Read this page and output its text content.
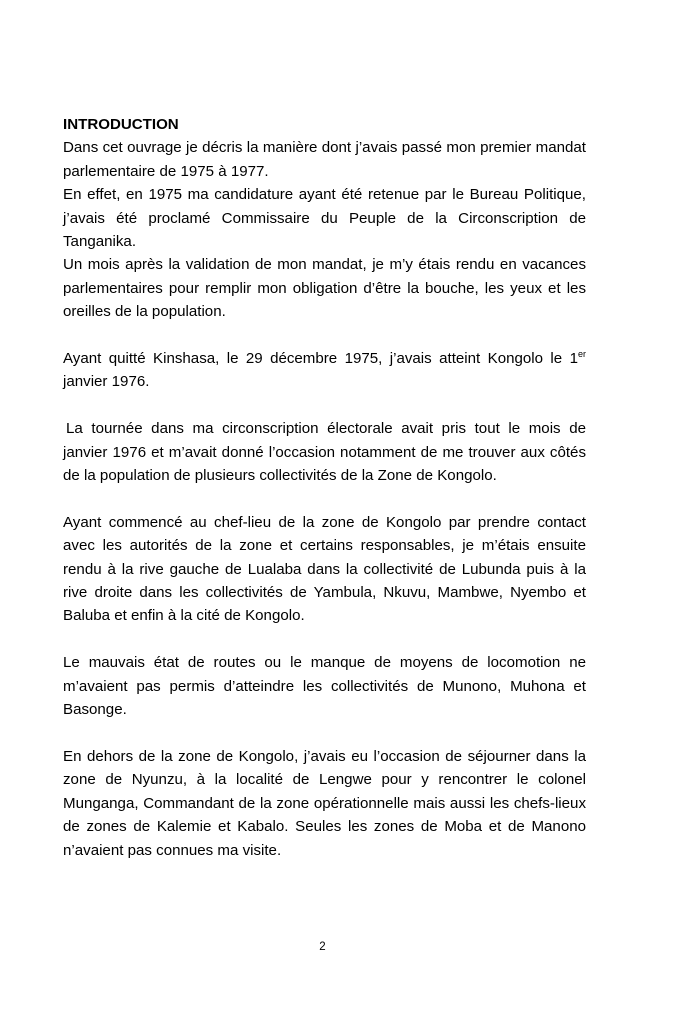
INTRODUCTION

Dans cet ouvrage je décris la manière dont j’avais passé mon premier mandat parlementaire de 1975 à 1977.

En effet, en 1975 ma candidature ayant été retenue par le Bureau Politique, j’avais été proclamé Commissaire du Peuple de la Circonscription de Tanganika.

Un mois après la validation de mon mandat, je m’y étais rendu en vacances parlementaires pour remplir mon obligation d’être la bouche, les yeux et les oreilles de la population.

Ayant quitté Kinshasa, le 29 décembre 1975, j’avais atteint Kongolo le 1er janvier 1976.

La tournée dans ma circonscription électorale avait pris tout le mois de janvier 1976 et m’avait donné l’occasion notamment de me trouver aux côtés de la population de plusieurs collectivités de la Zone de Kongolo.

Ayant commencé au chef-lieu de la zone de Kongolo par prendre contact avec les autorités de la zone et certains responsables, je m’étais ensuite rendu à la rive gauche de Lualaba dans la collectivité de Lubunda puis à la rive droite dans les collectivités de Yambula, Nkuvu, Mambwe, Nyembo et Baluba et enfin à la cité de Kongolo.

Le mauvais état de routes ou le manque de moyens de locomotion ne m’avaient pas permis d’atteindre les collectivités de Munono, Muhona et Basonge.

En dehors de la zone de Kongolo, j’avais eu l’occasion de séjourner dans la zone de Nyunzu, à la localité de Lengwe pour y rencontrer le colonel Munganga, Commandant de la zone opérationnelle mais aussi les chefs-lieux de zones de Kalemie et Kabalo. Seules les zones de Moba et de Manono n’avaient pas connues ma visite.

2
